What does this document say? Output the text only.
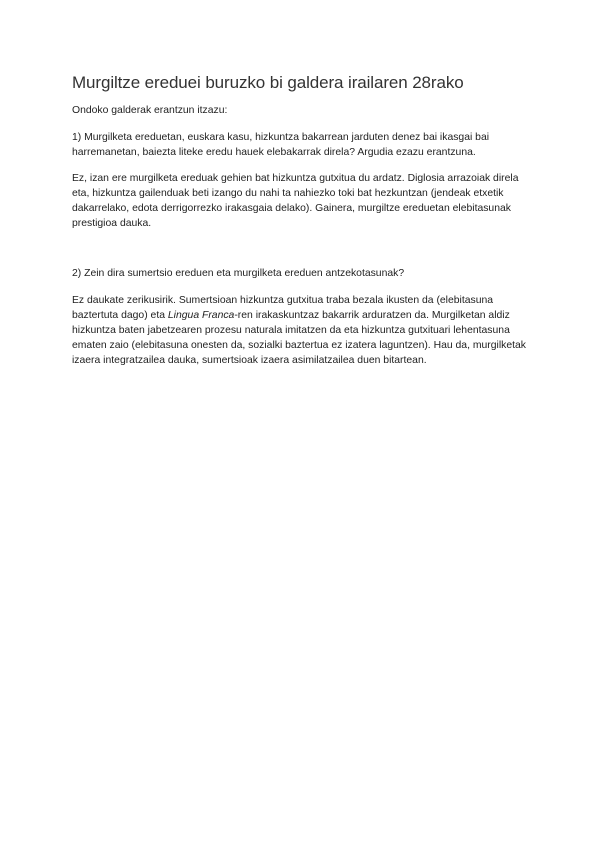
Murgiltze ereduei buruzko bi galdera irailaren 28rako

Ondoko galderak erantzun itzazu:

1) Murgilketa ereduetan, euskara kasu, hizkuntza bakarrean jarduten denez bai ikasgai bai harremanetan, baiezta liteke eredu hauek elebakarrak direla? Argudia ezazu erantzuna.

Ez, izan ere murgilketa ereduak gehien bat hizkuntza gutxitua du ardatz. Diglosia arrazoiak direla eta, hizkuntza gailenduak beti izango du nahi ta nahiezko toki bat hezkuntzan (jendeak etxetik dakarrelako, edota derrigorrezko irakasgaia delako). Gainera, murgiltze ereduetan elebitasunak prestigioa dauka.

2) Zein dira sumertsio ereduen eta murgilketa ereduen antzekotasunak?

Ez daukate zerikusirik. Sumertsioan hizkuntza gutxitua traba bezala ikusten da (elebitasuna baztertuta dago) eta Lingua Franca-ren irakaskuntzaz bakarrik arduratzen da. Murgilketan aldiz hizkuntza baten jabetzearen prozesu naturala imitatzen da eta hizkuntza gutxituari lehentasuna ematen zaio (elebitasuna onesten da, sozialki baztertua ez izatera laguntzen). Hau da, murgilketak izaera integratzailea dauka, sumertsioak izaera asimilatzailea duen bitartean.
